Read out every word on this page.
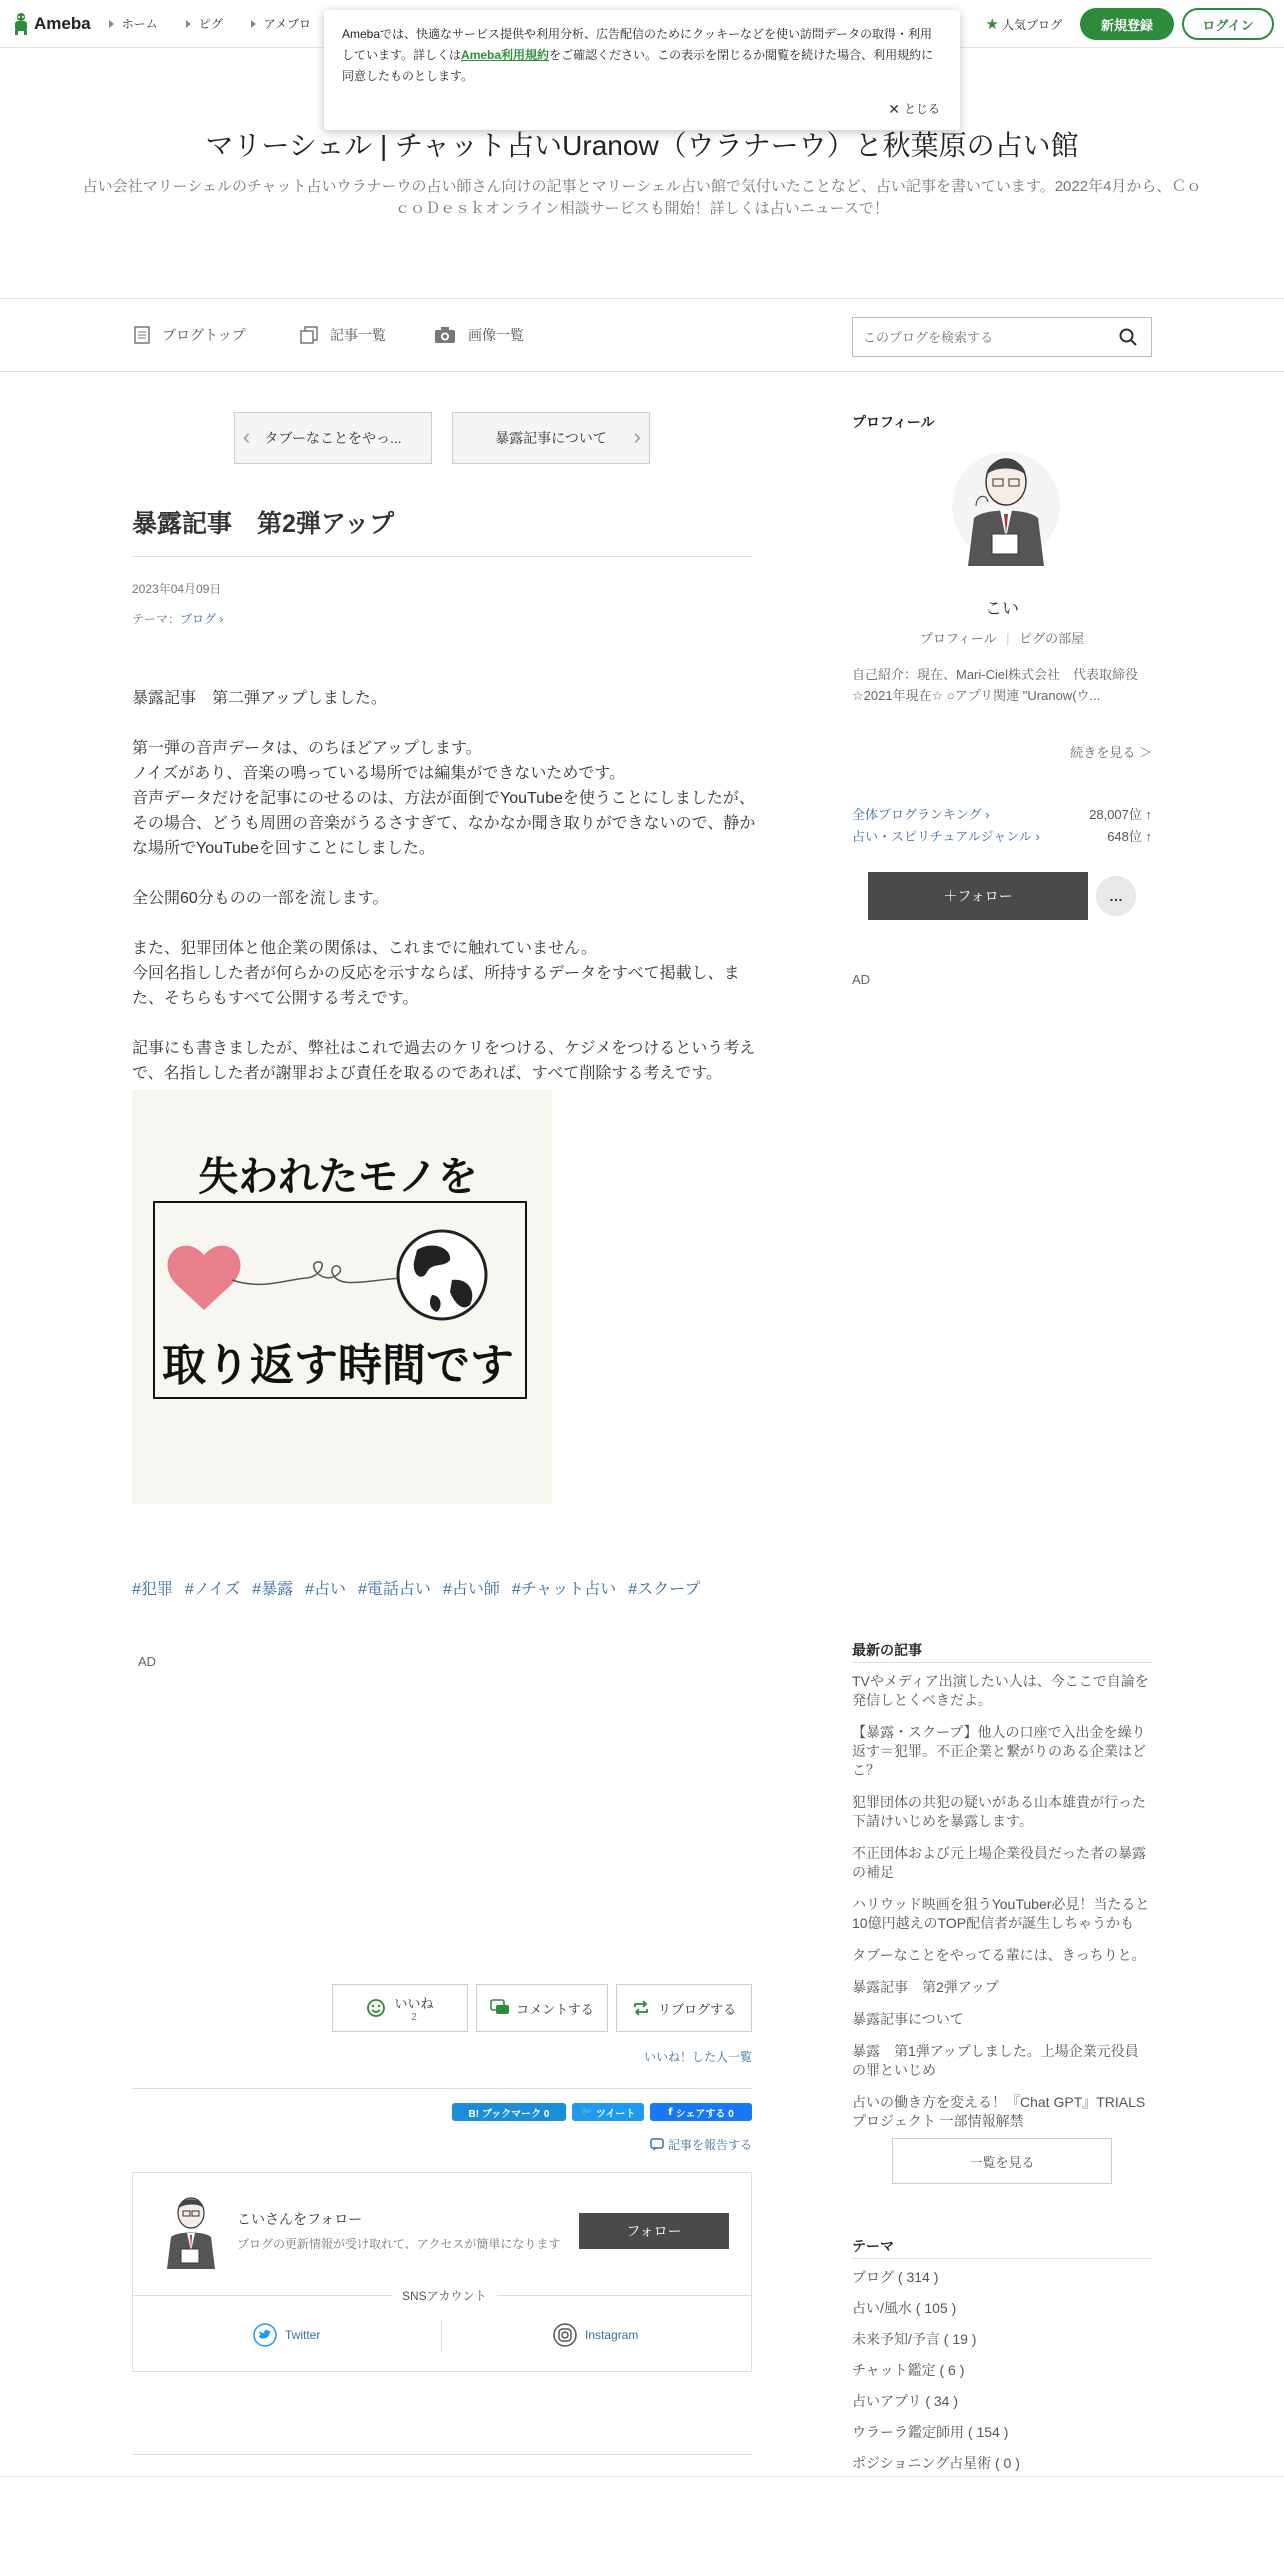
Ameba	ホーム	ピグ	アメブロ	★ 人気ブログ	新規登録	ログイン
Amebaでは、快適なサービス提供や利用分析、広告配信のためにクッキーなどを使い訪問データの取得・利用しています。詳しくはAmeba利用規約をご確認ください。この表示を閉じるか閲覧を続けた場合、利用規約に同意したものとします。
✕ とじる
マリーシェル | チャット占いUranow（ウラナーウ）と秋葉原の占い館
占い会社マリーシェルのチャット占いウラナーウの占い師さん向けの記事とマリーシェル占い館で気付いたことなど、占い記事を書いています。2022年4月から、ＣｏｃｏＤｅｓｋオンライン相談サービスも開始！詳しくは占いニュースで！
ブログトップ	記事一覧	画像一覧
このブログを検索する
‹ タブーなことをやっ...	暴露記事について ›
暴露記事　第2弾アップ
2023年04月09日
テーマ：ブログ ›

暴露記事　第二弾アップしました。

第一弾の音声データは、のちほどアップします。
ノイズがあり、音楽の鳴っている場所では編集ができないためです。
音声データだけを記事にのせるのは、方法が面倒でYouTubeを使うことにしましたが、その場合、どうも周囲の音楽がうるさすぎて、なかなか聞き取りができないので、静かな場所でYouTubeを回すことにしました。

全公開60分ものの一部を流します。

また、犯罪団体と他企業の関係は、これまでに触れていません。
今回名指しした者が何らかの反応を示すならば、所持するデータをすべて掲載し、また、そちらもすべて公開する考えです。

記事にも書きましたが、弊社はこれで過去のケリをつける、ケジメをつけるという考えで、名指しした者が謝罪および責任を取るのであれば、すべて削除する考えです。

失われたモノを
取り返す時間です
#犯罪 #ノイズ #暴露 #占い #電話占い #占い師 #チャット占い #スクープ
AD
いいね
2
コメントする	リブログする
いいね！した人一覧
B! ブックマーク 0	🐦 ツイート	f シェアする 0
記事を報告する
こいさんをフォロー
ブログの更新情報が受け取れて、アクセスが簡単になります
フォロー
SNSアカウント
Twitter	Instagram
プロフィール
こい
プロフィール | ピグの部屋
自己紹介：現在、Mari-Ciel株式会社　代表取締役 ☆2021年現在☆ ○アプリ関連 "Uranow(ウ...
続きを見る ＞
全体ブログランキング ›	28,007位 ↑
占い・スピリチュアルジャンル ›	648位 ↑
＋フォロー	…
AD
最新の記事
TVやメディア出演したい人は、今ここで自論を発信しとくべきだよ。
【暴露・スクープ】他人の口座で入出金を繰り返す＝犯罪。不正企業と繋がりのある企業はどこ？
犯罪団体の共犯の疑いがある山本雄貴が行った下請けいじめを暴露します。
不正団体および元上場企業役員だった者の暴露の補足
ハリウッド映画を狙うYouTuber必見！当たると10億円越えのTOP配信者が誕生しちゃうかも
タブーなことをやってる輩には、きっちりと。
暴露記事　第2弾アップ
暴露記事について
暴露　第1弾アップしました。上場企業元役員の罪といじめ
占いの働き方を変える！『Chat GPT』TRIALSプロジェクト 一部情報解禁
一覧を見る
テーマ
ブログ ( 314 )
占い/風水 ( 105 )
未来予知/予言 ( 19 )
チャット鑑定 ( 6 )
占いアプリ ( 34 )
ウラーラ鑑定師用 ( 154 )
ポジショニング占星術 ( 0 )
